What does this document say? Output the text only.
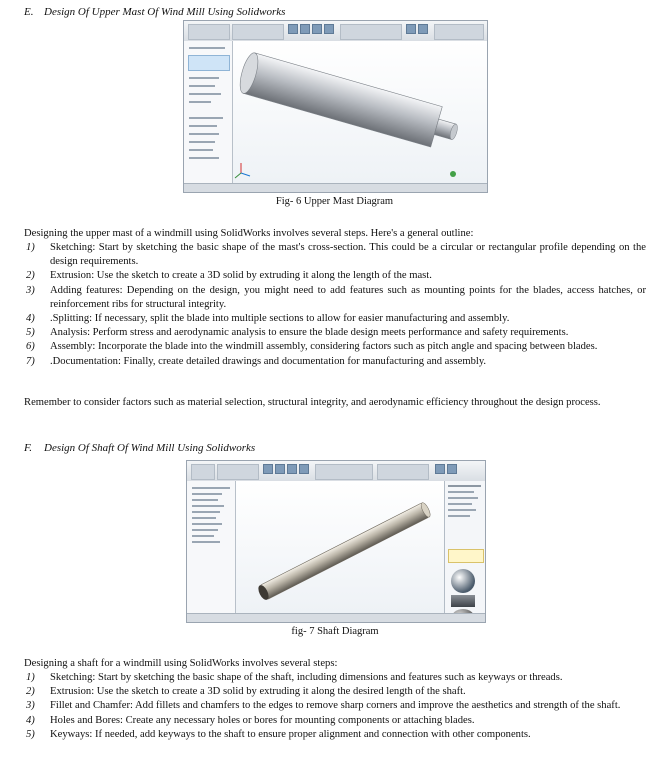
E. Design Of Upper Mast Of Wind Mill Using Solidworks
Fig- 6 Upper Mast Diagram
Designing the upper mast of a windmill using SolidWorks involves several steps. Here's a general outline:
1) Sketching: Start by sketching the basic shape of the mast's cross-section. This could be a circular or rectangular profile depending on the design requirements.
2) Extrusion: Use the sketch to create a 3D solid by extruding it along the length of the mast.
3) Adding features: Depending on the design, you might need to add features such as mounting points for the blades, access hatches, or reinforcement ribs for structural integrity.
4) .Splitting: If necessary, split the blade into multiple sections to allow for easier manufacturing and assembly.
5) Analysis: Perform stress and aerodynamic analysis to ensure the blade design meets performance and safety requirements.
6) Assembly: Incorporate the blade into the windmill assembly, considering factors such as pitch angle and spacing between blades.
7) .Documentation: Finally, create detailed drawings and documentation for manufacturing and assembly.
Remember to consider factors such as material selection, structural integrity, and aerodynamic efficiency throughout the design process.
F. Design Of Shaft Of Wind Mill Using Solidworks
fig- 7 Shaft Diagram
Designing a shaft for a windmill using SolidWorks involves several steps:
1) Sketching: Start by sketching the basic shape of the shaft, including dimensions and features such as keyways or threads.
2) Extrusion: Use the sketch to create a 3D solid by extruding it along the desired length of the shaft.
3) Fillet and Chamfer: Add fillets and chamfers to the edges to remove sharp corners and improve the aesthetics and strength of the shaft.
4) Holes and Bores: Create any necessary holes or bores for mounting components or attaching blades.
5) Keyways: If needed, add keyways to the shaft to ensure proper alignment and connection with other components.
